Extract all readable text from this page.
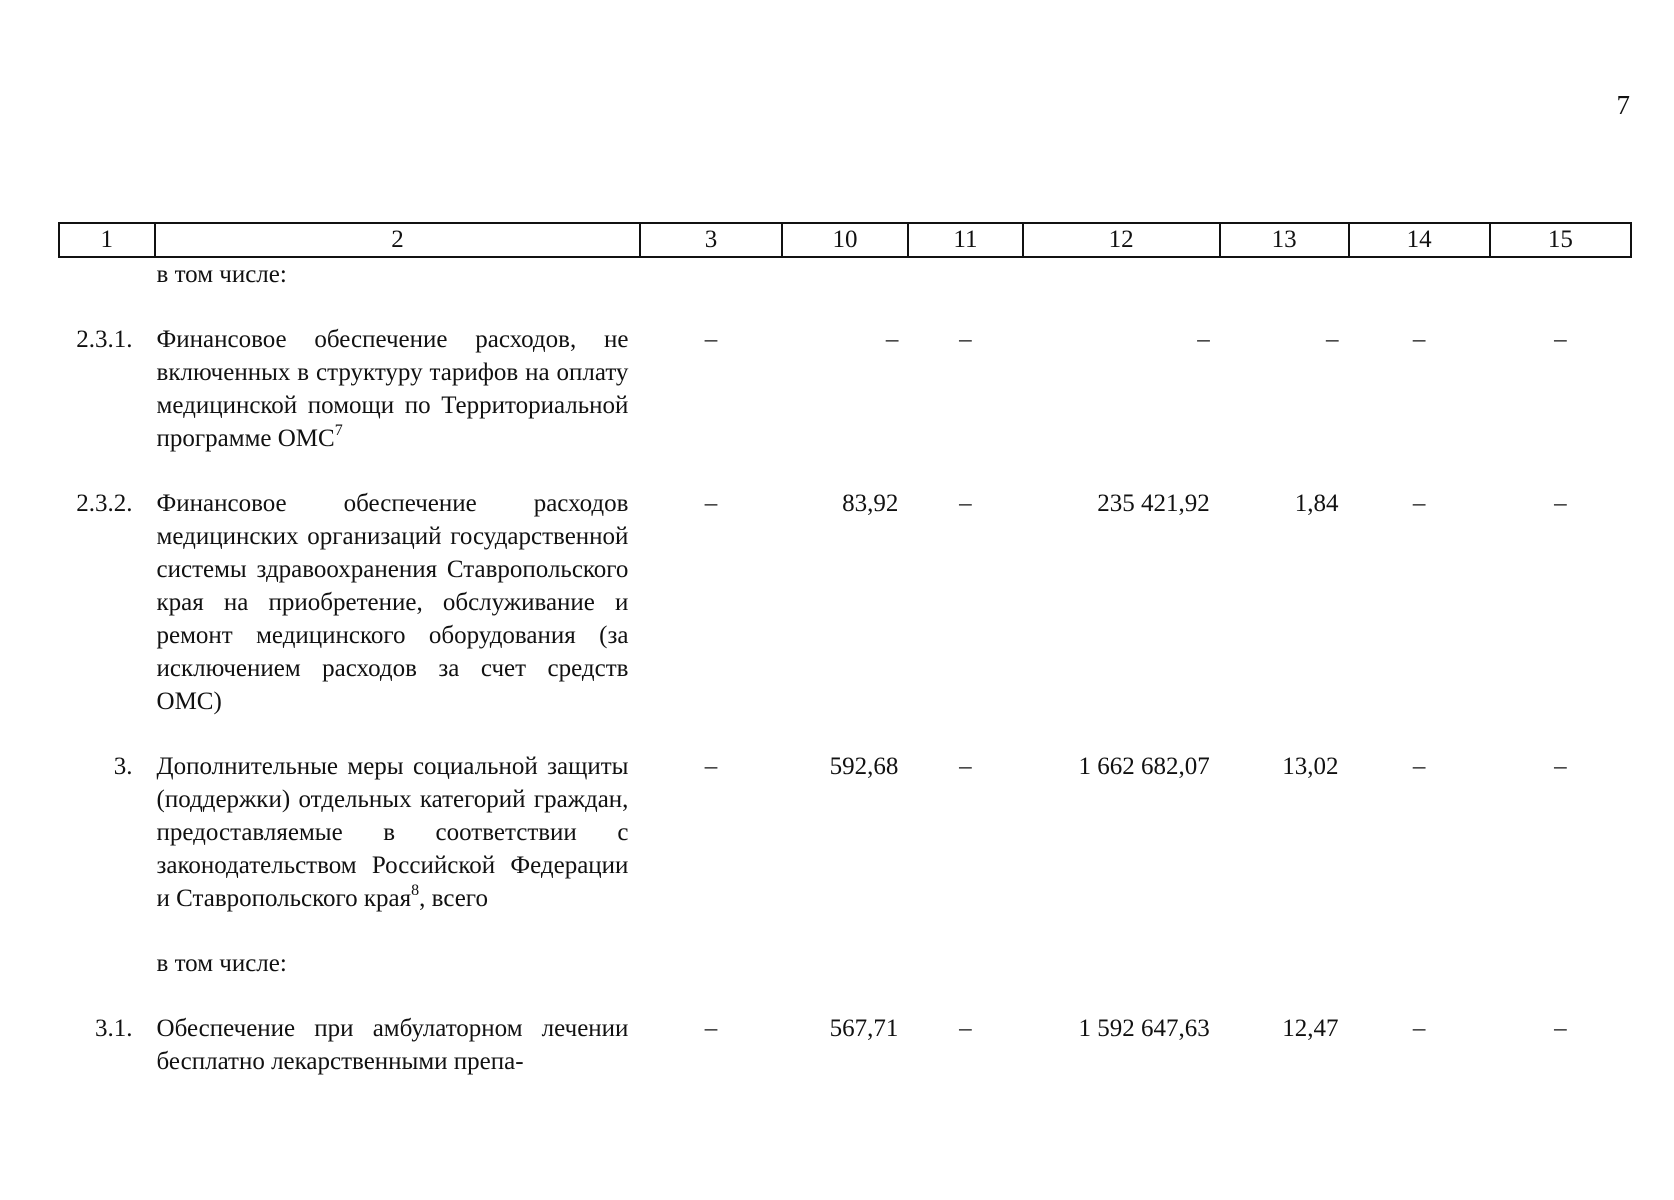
7
1	2	3	10	11	12	13	14	15
	в том числе:							

2.3.1.	Финансовое обеспечение расходов, не включенных в структуру тарифов на оплату медицинской помощи по Территориальной программе ОМС$^7$	–	–	–	–	–	–	–

2.3.2.	Финансовое обеспечение расходов медицинских организаций государственной системы здравоохранения Ставропольского края на приобретение, обслуживание и ремонт медицинского оборудования (за исключением расходов за счет средств ОМС)	–	83,92	–	235 421,92	1,84	–	–

3.	Дополнительные меры социальной защиты (поддержки) отдельных категорий граждан, предоставляемые в соответствии с законодательством Российской Федерации и Ставропольского края$^8$, всего	–	592,68	–	1 662 682,07	13,02	–	–

	в том числе:							

3.1.	Обеспечение при амбулаторном лечении бесплатно лекарственными препа-	–	567,71	–	1 592 647,63	12,47	–	–
